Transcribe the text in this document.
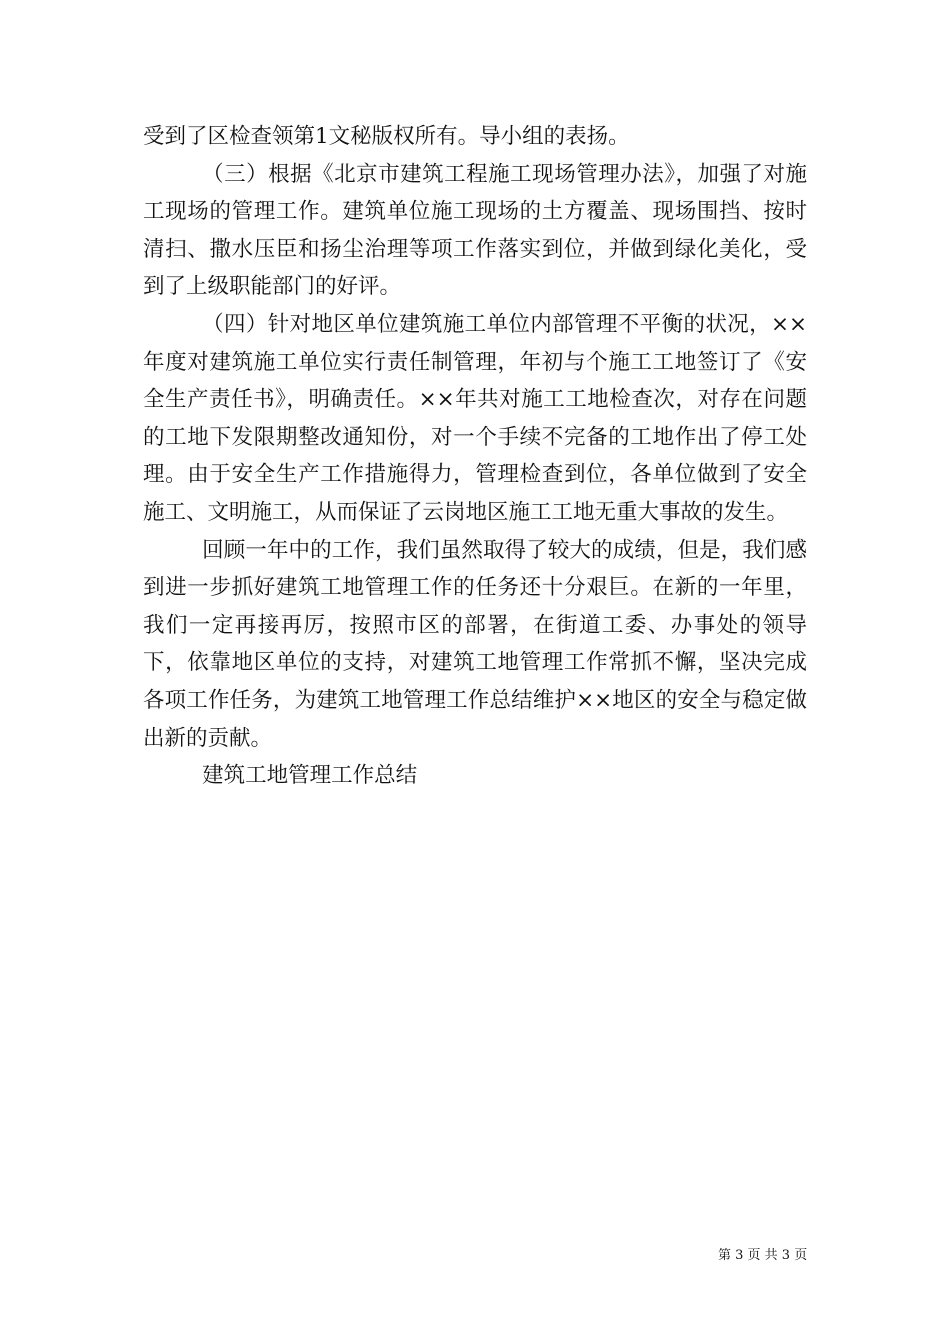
受到了区检查领第1文秘版权所有。导小组的表扬。

（三）根据《北京市建筑工程施工现场管理办法》，加强了对施工现场的管理工作。建筑单位施工现场的土方覆盖、现场围挡、按时清扫、撒水压臣和扬尘治理等项工作落实到位，并做到绿化美化，受到了上级职能部门的好评。

（四）针对地区单位建筑施工单位内部管理不平衡的状况，××年度对建筑施工单位实行责任制管理，年初与个施工工地签订了《安全生产责任书》，明确责任。××年共对施工工地检查次，对存在问题的工地下发限期整改通知份，对一个手续不完备的工地作出了停工处理。由于安全生产工作措施得力，管理检查到位，各单位做到了安全施工、文明施工，从而保证了云岗地区施工工地无重大事故的发生。

回顾一年中的工作，我们虽然取得了较大的成绩，但是，我们感到进一步抓好建筑工地管理工作的任务还十分艰巨。在新的一年里，我们一定再接再厉，按照市区的部署，在街道工委、办事处的领导下，依靠地区单位的支持，对建筑工地管理工作常抓不懈，坚决完成各项工作任务，为建筑工地管理工作总结维护××地区的安全与稳定做出新的贡献。

建筑工地管理工作总结

第 3 页 共 3 页
